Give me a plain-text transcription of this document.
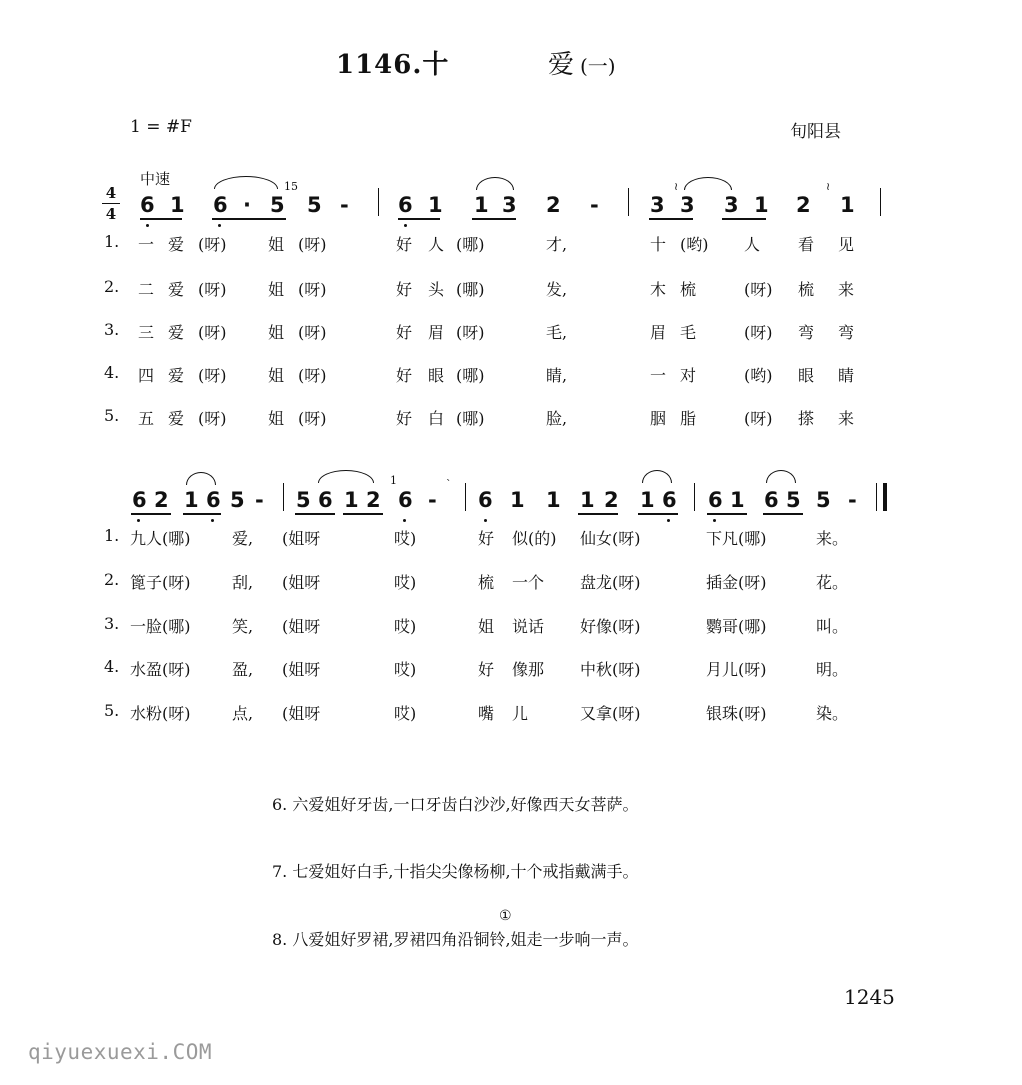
1146.十	爱 (一)
1 = #F	旬阳县
中速
4
4 6 1 6 · 5
15
5 - 6 1 1 3 2 - 3
≀
3 3 1 2
≀
1
6 2 1 6 5 - 5 6 1 2
1
6 -
`
6 1 1 1 2 1 6 6 1 6 5 5 -
6. 六爱姐好牙齿,一口牙齿白沙沙,好像西天女菩萨。
7. 七爱姐好白手,十指尖尖像杨柳,十个戒指戴满手。
8. 八爱姐好罗裙,罗裙四角沿铜铃,姐走一步响一声。
①
1245
qiyuexuexi.COM
1. 一 爱 (呀)	姐 (呀)	好 人 (哪)	才,	十 (哟) 人 看 见
2. 二 爱 (呀)	姐 (呀)	好 头 (哪)	发,	木 梳	(呀) 梳 来
3. 三 爱 (呀)	姐 (呀)	好 眉 (呀)	毛,	眉 毛	(呀) 弯 弯
4. 四 爱 (呀)	姐 (呀)	好 眼 (哪)	睛,	一 对	(哟) 眼 睛
5. 五 爱 (呀)	姐 (呀)	好 白 (哪)	脸,	胭 脂	(呀) 搽 来
1. 九人(哪)	爱, (姐呀	哎)	好 似(的) 仙女(呀)	下凡(哪)	来。
2. 篦子(呀)	刮, (姐呀	哎)	梳 一个 盘龙(呀)	插金(呀)	花。
3. 一脸(哪)	笑, (姐呀	哎)	姐 说话 好像(呀)	鹦哥(哪)	叫。
4. 水盈(呀)	盈, (姐呀	哎)	好 像那 中秋(呀)	月儿(呀)	明。
5. 水粉(呀)	点, (姐呀	哎)	嘴 儿	又拿(呀)	银珠(呀)	染。
